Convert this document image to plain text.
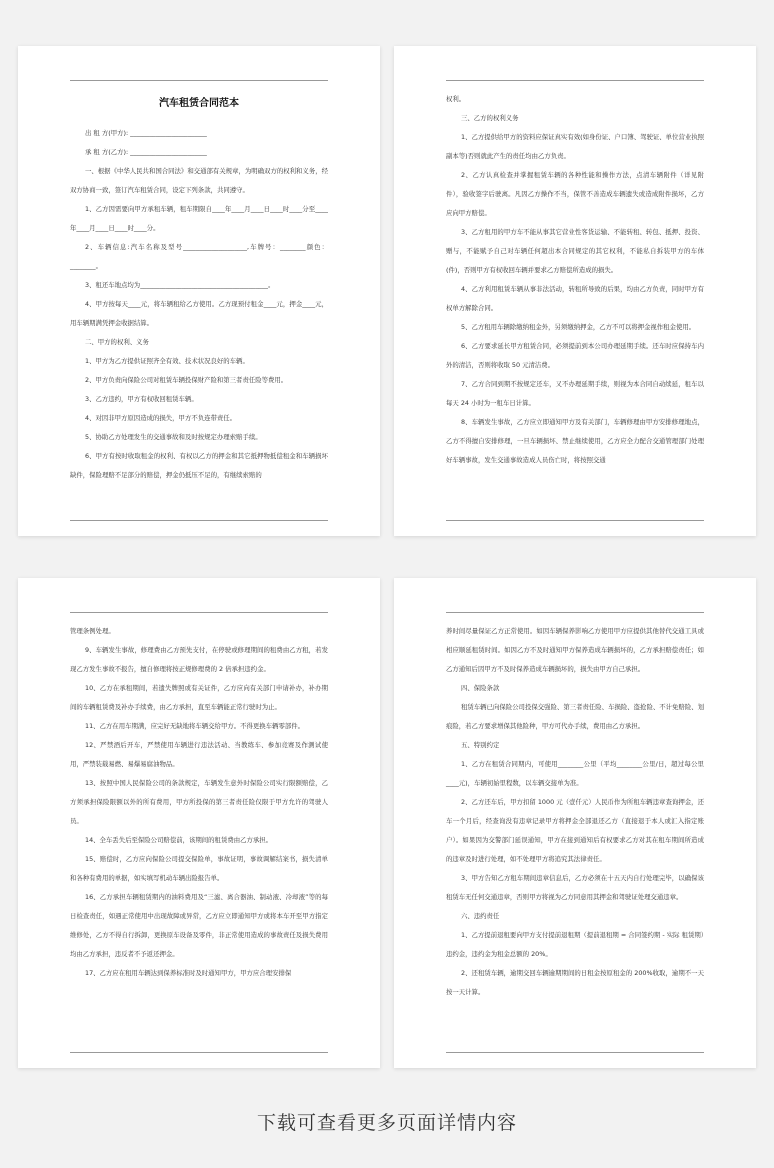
汽车租赁合同范本

出 租 方(甲方): ________________________

承 租 方(乙方): ________________________

一、根据《中华人民共和国合同法》和交通部有关规章，为明确双方的权利和义务，经双方协商一致，签订汽车租赁合同，设定下列条款，共同遵守。

1、乙方因需要向甲方承租车辆，租车期限自____年____月____日____时____分至____年____月____日____时____分。

2、车辆信息:汽车名称及型号____________________,车牌号：________颜色：________。

3、租还车地点均为________________________________________。

4、甲方按每天____元，将车辆租给乙方使用。乙方现预付租金____元，押金____元，用车辆期满凭押金收据结算。

二、甲方的权利、义务

1、甲方为乙方提供证照齐全有效、技术状况良好的车辆。

2、甲方负责向保险公司对租赁车辆投保财产险和第三者责任险等费用。

3、乙方违约，甲方有权收回租赁车辆。

4、对因非甲方原因造成的损失，甲方不负连带责任。

5、协助乙方处理发生的交通事故和及时按规定办理索赔手续。

6、甲方有按时收取租金的权利、有权以乙方的押金和其它抵押物抵偿租金和车辆损坏缺件，保险理赔不足部分的赔偿，押金仍抵压不足的，有继续索赔的

权利。

三、乙方的权利义务

1、乙方提供给甲方的资料应保证真实有效(如身份证、户口簿、驾驶证、单位营业执照副本等)否则就此产生的责任均由乙方负责。

2、乙方认真检查并掌握租赁车辆的各种性能和操作方法，点清车辆附件（详见附件），验收签字后驶离。凡因乙方操作不当，保管不善造成车辆遗失或造成附件损坏，乙方应向甲方赔偿。

3、乙方租用的甲方车不能从事其它营业性客货运输、不能转租、转包、抵押、投资、赠与，不能赋予自己对车辆任何超出本合同规定的其它权利，不能私自拆装甲方的车体(件)，否则甲方有权收回车辆并要求乙方赔偿所造成的损失。

4、乙方利用租赁车辆从事非法活动，转租所导致的后果，均由乙方负责，同时甲方有权单方解除合同。

5、乙方租用车辆除缴纳租金外，另须缴纳押金，乙方不可以将押金视作租金使用。

6、乙方要求延长甲方租赁合同，必须提前到本公司办理延期手续。还车时应保持车内外的清洁，否则将收取 50 元清洁费。

7、乙方合同到期不按规定还车，又不办理延期手续，则视为本合同自动续延，租车以每天 24 小时为一租车日计算。

8、车辆发生事故，乙方应立即通知甲方及有关部门，车辆修理由甲方安排修理地点，乙方不得擅自安排修理，一旦车辆损坏、禁止继续使用，乙方应全力配合交通管理部门处理好车辆事故，发生交通事故造成人员伤亡时，将按照交通

管理条例处理。

9、车辆发生事故，修理费由乙方预先支付，在停驶或修理期间的租费由乙方租，若发现乙方发生事故不报告，擅自修理将按正规修理费的 2 倍承担违约金。

10、乙方在承租期间，若遗失牌照或有关证件，乙方应向有关部门申请补办，补办期间的车辆租赁费及补办手续费，由乙方承担，直至车辆能正常行驶时为止。

11、乙方在用车期满，应完好无缺地将车辆交给甲方。不得更换车辆零部件。

12、严禁酒后开车，严禁使用车辆进行违法活动、当教练车、参加竞赛及作测试使用，严禁装载易燃、易爆易腐油物品。

13、按照中国人民保险公司的条款规定，车辆发生意外时保险公司实行限额赔偿，乙方须承担保险限额以外的所有费用，甲方所投保的第三者责任险仅限于甲方允许的驾驶人员。

14、全车丢失后至保险公司赔偿前，该期间的租赁费由乙方承担。

15、赔偿时，乙方应向保险公司提交保险单，事故证明，事故调解结案书，损失清单和各种有费用的单据，如实填写机动车辆出险报告单。

16、乙方承担车辆租赁期内的油料费用及“三滤、离合器油、制动液、冷却液”等的每日检查责任，如遇正常使用中出现故障或异常，乙方应立即通知甲方或将本车开至甲方指定维修处，乙方不得自行拆卸，更换原车设备及零件，非正常使用造成的事故责任及损失费用均由乙方承担，违反者不予返还押金。

17、乙方应在租用车辆达到保养标准时及时通知甲方，甲方应合理安排保

养时间尽量保证乙方正常使用。如因车辆保养影响乙方使用甲方应提供其他替代交通工具或相应顺延租赁时间。如因乙方不及时通知甲方保养造成车辆损坏的，乙方承担赔偿责任；如乙方通知后因甲方不及时保养造成车辆损坏的，损失由甲方自己承担。

四、保险条款

租赁车辆已向保险公司投保交强险、第三者责任险、车损险、盗抢险、不计免赔险、划痕险，若乙方要求增保其他险种，甲方可代办手续，费用由乙方承担。

五、特别约定

1、乙方在租赁合同期内，可使用________公里（平均________公里/日，超过每公里____元)，车辆初始里程数，以车辆交接单为准。

2、乙方还车后，甲方扣留 1000 元（壹仟元）人民币作为所租车辆违章查询押金，还车一个月后，经查询没有违章记录甲方将押金全部退还乙方（直接退于本人或汇入指定账户）。如果因为交警部门延误通知，甲方在接到通知后有权要求乙方对其在租车期间所造成的违章及时进行处理，如不处理甲方将追究其法律责任。

3、甲方告知乙方租车期间违章信息后，乙方必须在十五天内自行处理完毕，以确保该租赁车无任何交通违章，否则甲方将视为乙方同意用其押金和驾驶证处理交通违章。

六、违约责任

1、乙方提前退租要向甲方支付提前退租期（提前退租期 = 合同签约期 - 实际 租赁期）违约金，违约金为租金总额的 20%。

2、还租赁车辆，逾期交回车辆逾期期间的日租金按原租金的 200%收取，逾期不一天按一天计算。

下载可查看更多页面详情内容
